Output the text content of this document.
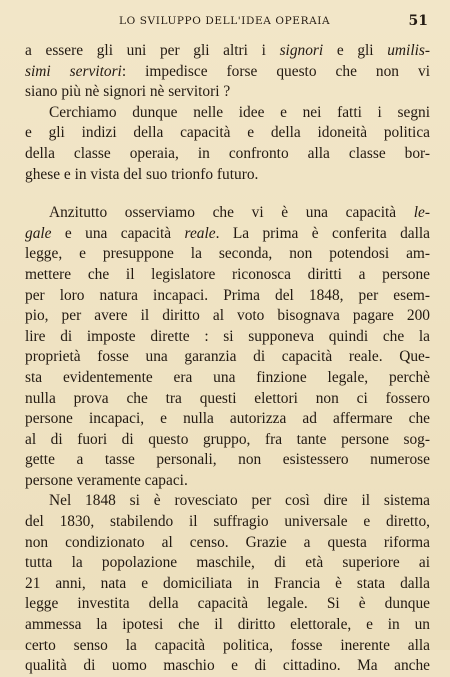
LO SVILUPPO DELL'IDEA OPERAIA	51
a essere gli uni per gli altri i signori e gli umilis-
simi servitori: impedisce forse questo che non vi
siano più nè signori nè servitori ?
Cerchiamo dunque nelle idee e nei fatti i segni
e gli indizi della capacità e della idoneità politica
della classe operaia, in confronto alla classe bor-
ghese e in vista del suo trionfo futuro.
Anzitutto osserviamo che vi è una capacità le-
gale e una capacità reale. La prima è conferita dalla
legge, e presuppone la seconda, non potendosi am-
mettere che il legislatore riconosca diritti a persone
per loro natura incapaci. Prima del 1848, per esem-
pio, per avere il diritto al voto bisognava pagare 200
lire di imposte dirette : si supponeva quindi che la
proprietà fosse una garanzia di capacità reale. Que-
sta evidentemente era una finzione legale, perchè
nulla prova che tra questi elettori non ci fossero
persone incapaci, e nulla autorizza ad affermare che
al di fuori di questo gruppo, fra tante persone sog-
gette a tasse personali, non esistessero numerose
persone veramente capaci.
Nel 1848 si è rovesciato per così dire il sistema
del 1830, stabilendo il suffragio universale e diretto,
non condizionato al censo. Grazie a questa riforma
tutta la popolazione maschile, di età superiore ai
21 anni, nata e domiciliata in Francia è stata dalla
legge investita della capacità legale. Si è dunque
ammessa la ipotesi che il diritto elettorale, e in un
certo senso la capacità politica, fosse inerente alla
qualità di uomo maschio e di cittadino. Ma anche
